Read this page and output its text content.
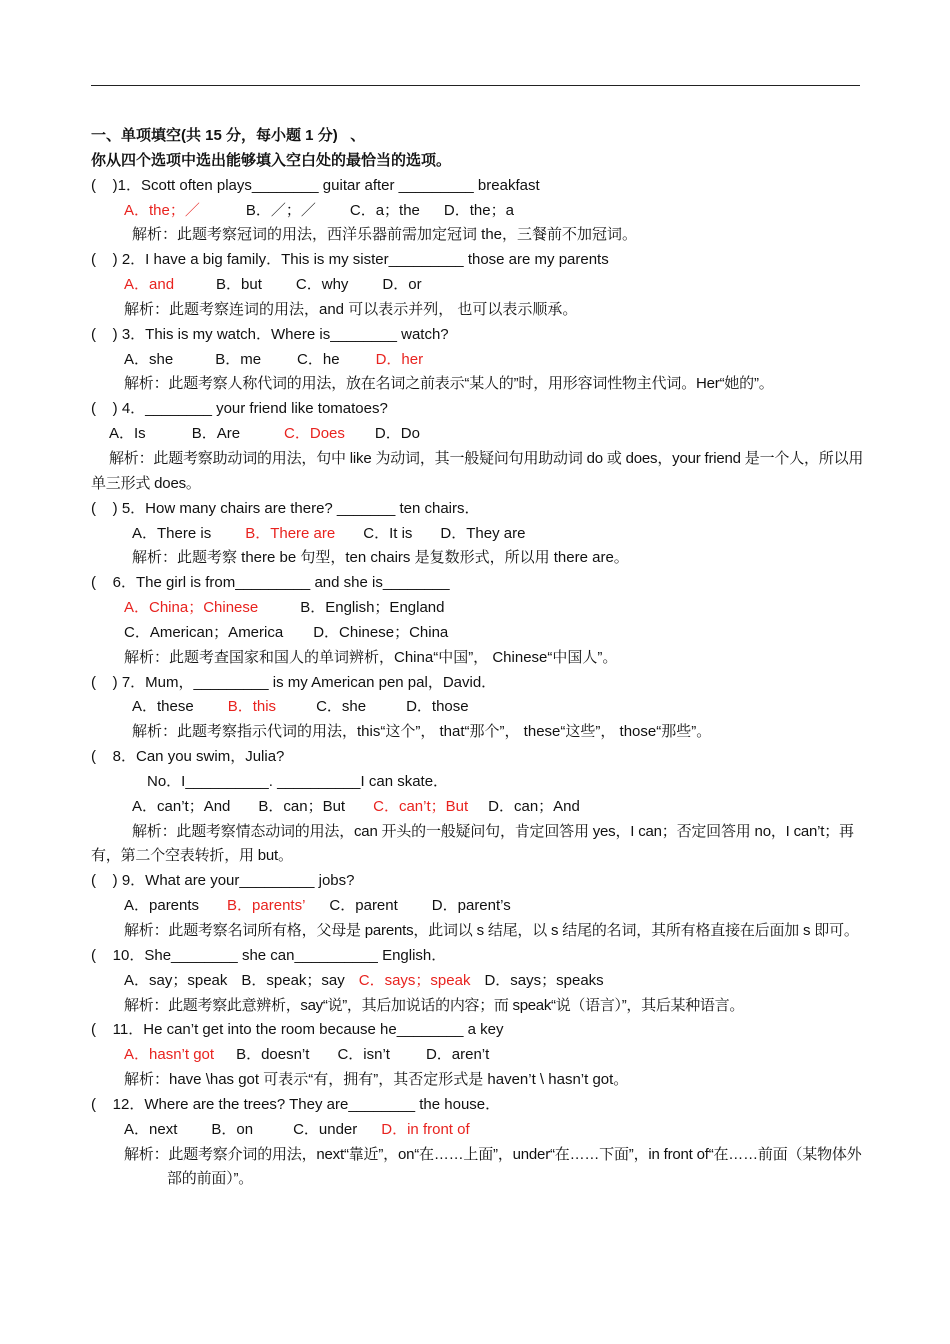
一、单项填空(共 15 分，每小题 1 分)   、
你从四个选项中选出能够填入空白处的最恰当的选项。
(    )1．Scott often plays________ guitar after _________ breakfast
A．the；／	B．／；／ C．a；the D．the；a
解析：此题考察冠词的用法，西洋乐器前需加定冠词 the，三餐前不加冠词。
(    ) 2．I have a big family．This is my sister_________ those are my parents
A．and	B．but C．why D．or
解析：此题考察连词的用法，and 可以表示并列， 也可以表示顺承。
(    ) 3．This is my watch．Where is________ watch?
A．she	B．me C．he D．her
解析：此题考察人称代词的用法，放在名词之前表示“某人的”时，用形容词性物主代词。Her“她的”。
(    ) 4．________ your friend like tomatoes?
A．Is	B．Are	C．Does D．Do
解析：此题考察助动词的用法，句中 like 为动词，其一般疑问句用助动词 do 或 does，your friend 是一个人，所以用单三形式 does。
(    ) 5．How many chairs are there? _______ ten chairs．
A．There is B．There are C．It is D．They are
解析：此题考察 there be 句型，ten chairs 是复数形式，所以用 there are。
(    6．The girl is from_________ and she is________
A．China；Chinese	B．English；England
C．American；America D．Chinese；China
解析：此题考查国家和国人的单词辨析，China“中国”， Chinese“中国人”。
(    ) 7．Mum，_________ is my American pen pal，David．
A．these B．this	C．she	D．those
解析：此题考察指示代词的用法，this“这个”， that“那个”， these“这些”， those“那些”。
(    8．Can you swim，Julia?
No．I__________. __________I can skate．
A．can’t；And B．can；But C．can’t；But D．can；And
解析：此题考察情态动词的用法，can 开头的一般疑问句，肯定回答用 yes，I can；否定回答用 no，I can’t；再有，第二个空表转折，用 but。
(    ) 9．What are your_________ jobs?
A．parents B．parents’ C．parent D．parent’s
解析：此题考察名词所有格，父母是 parents，此词以 s 结尾，以 s 结尾的名词，其所有格直接在后面加 s 即可。
(    10．She________ she can__________ English．
A．say；speak B．speak；say C．says；speak D．says；speaks
解析：此题考察此意辨析，say“说”，其后加说话的内容；而 speak“说（语言）”，其后某种语言。
(    11．He can’t get into the room because he________ a key
A．hasn’t got B．doesn’t C．isn’t D．aren’t
解析：have \has got 可表示“有，拥有”，其否定形式是 haven’t \ hasn’t got。
(    12．Where are the trees? They are________ the house．
A．next B．on	C．under D．in front of
解析：此题考察介词的用法，next“靠近”，on“在……上面”，under“在……下面”，in front of“在……前面（某物体外部的前面）”。
